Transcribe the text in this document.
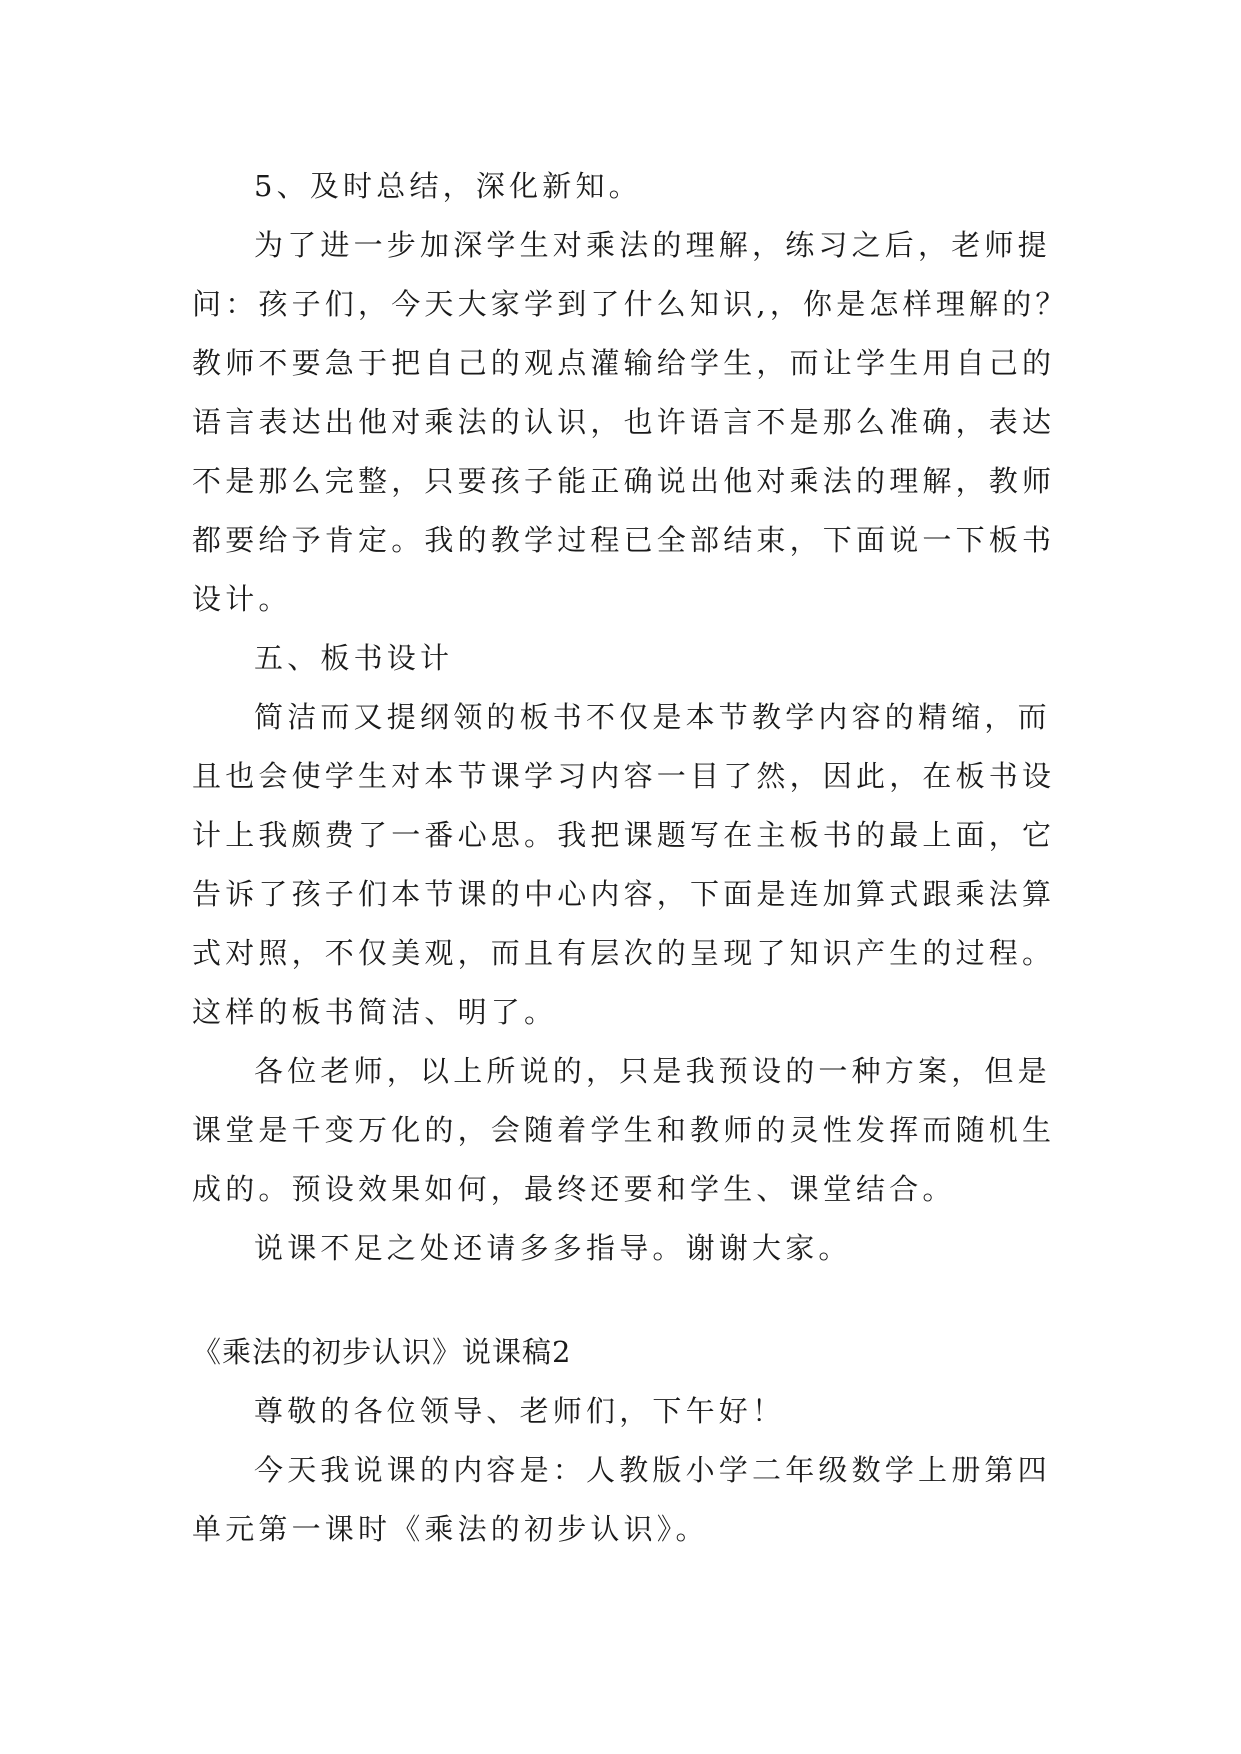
5、及时总结，深化新知。
为了进一步加深学生对乘法的理解，练习之后，老师提
问：孩子们，今天大家学到了什么知识,，你是怎样理解的？
教师不要急于把自己的观点灌输给学生，而让学生用自己的
语言表达出他对乘法的认识，也许语言不是那么准确，表达
不是那么完整，只要孩子能正确说出他对乘法的理解，教师
都要给予肯定。我的教学过程已全部结束，下面说一下板书
设计。
五、板书设计
简洁而又提纲领的板书不仅是本节教学内容的精缩，而
且也会使学生对本节课学习内容一目了然，因此，在板书设
计上我颇费了一番心思。我把课题写在主板书的最上面，它
告诉了孩子们本节课的中心内容，下面是连加算式跟乘法算
式对照，不仅美观，而且有层次的呈现了知识产生的过程。
这样的板书简洁、明了。
各位老师，以上所说的，只是我预设的一种方案，但是
课堂是千变万化的，会随着学生和教师的灵性发挥而随机生
成的。预设效果如何，最终还要和学生、课堂结合。
说课不足之处还请多多指导。谢谢大家。
《乘法的初步认识》说课稿2
尊敬的各位领导、老师们，下午好！
今天我说课的内容是：人教版小学二年级数学上册第四
单元第一课时《乘法的初步认识》。
